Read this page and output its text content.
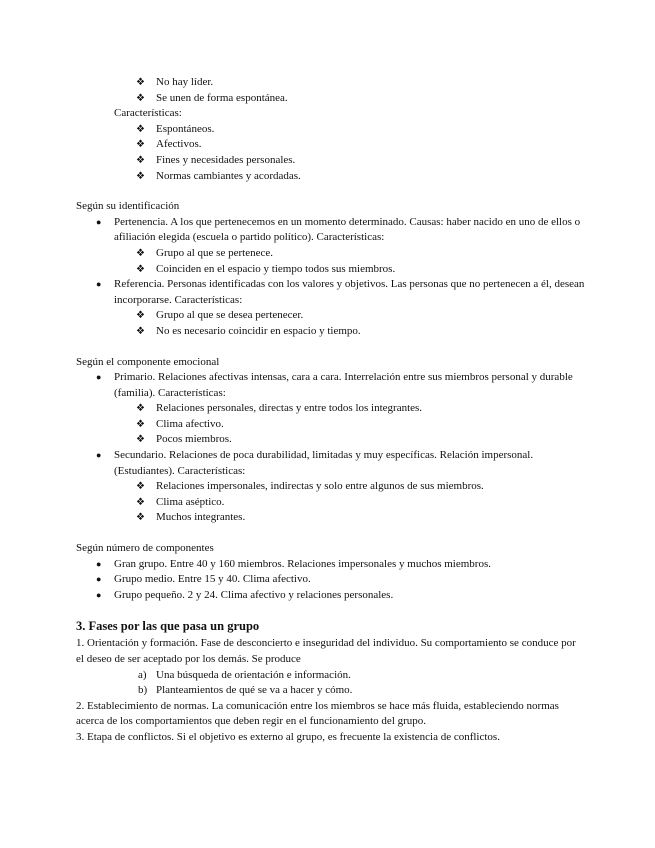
❖ No hay líder.
❖ Se unen de forma espontánea.
Características:
❖ Espontáneos.
❖ Afectivos.
❖ Fines y necesidades personales.
❖ Normas cambiantes y acordadas.
Según su identificación
● Pertenencia. A los que pertenecemos en un momento determinado. Causas: haber nacido en uno de ellos o afiliación elegida (escuela o partido político). Características:
❖ Grupo al que se pertenece.
❖ Coinciden en el espacio y tiempo todos sus miembros.
● Referencia. Personas identificadas con los valores y objetivos. Las personas que no pertenecen a él, desean incorporarse. Características:
❖ Grupo al que se desea pertenecer.
❖ No es necesario coincidir en espacio y tiempo.
Según el componente emocional
● Primario. Relaciones afectivas intensas, cara a cara. Interrelación entre sus miembros personal y durable (familia). Características:
❖ Relaciones personales, directas y entre todos los integrantes.
❖ Clima afectivo.
❖ Pocos miembros.
● Secundario. Relaciones de poca durabilidad, limitadas y muy específicas. Relación impersonal. (Estudiantes). Características:
❖ Relaciones impersonales, indirectas y solo entre algunos de sus miembros.
❖ Clima aséptico.
❖ Muchos integrantes.
Según número de componentes
● Gran grupo. Entre 40 y 160 miembros. Relaciones impersonales y muchos miembros.
● Grupo medio. Entre 15 y 40. Clima afectivo.
● Grupo pequeño. 2 y 24. Clima afectivo y relaciones personales.
3. Fases por las que pasa un grupo
1. Orientación y formación. Fase de desconcierto e inseguridad del individuo. Su comportamiento se conduce por el deseo de ser aceptado por los demás. Se produce
a) Una búsqueda de orientación e información.
b) Planteamientos de qué se va a hacer y cómo.
2. Establecimiento de normas. La comunicación entre los miembros se hace más fluida, estableciendo normas acerca de los comportamientos que deben regir en el funcionamiento del grupo.
3. Etapa de conflictos. Si el objetivo es externo al grupo, es frecuente la existencia de conflictos.
